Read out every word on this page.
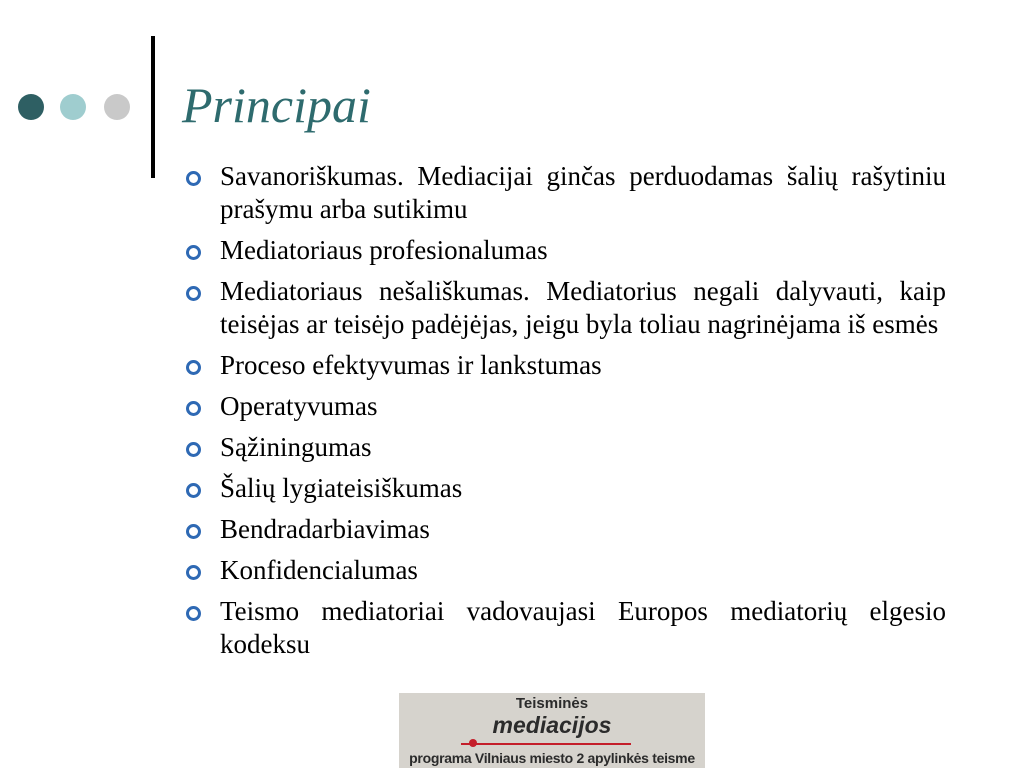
Principai
Savanoriškumas. Mediacijai ginčas perduodamas šalių rašytiniu prašymu arba sutikimu
Mediatoriaus profesionalumas
Mediatoriaus nešališkumas. Mediatorius negali dalyvauti, kaip teisėjas ar teisėjo padėjėjas, jeigu byla toliau nagrinėjama iš esmės
Proceso efektyvumas ir lankstumas
Operatyvumas
Sąžiningumas
Šalių lygiateisiškumas
Bendradarbiavimas
Konfidencialumas
Teismo mediatoriai vadovaujasi Europos mediatorių elgesio kodeksu
Teisminės
mediacijos
programa Vilniaus miesto 2 apylinkės teisme
